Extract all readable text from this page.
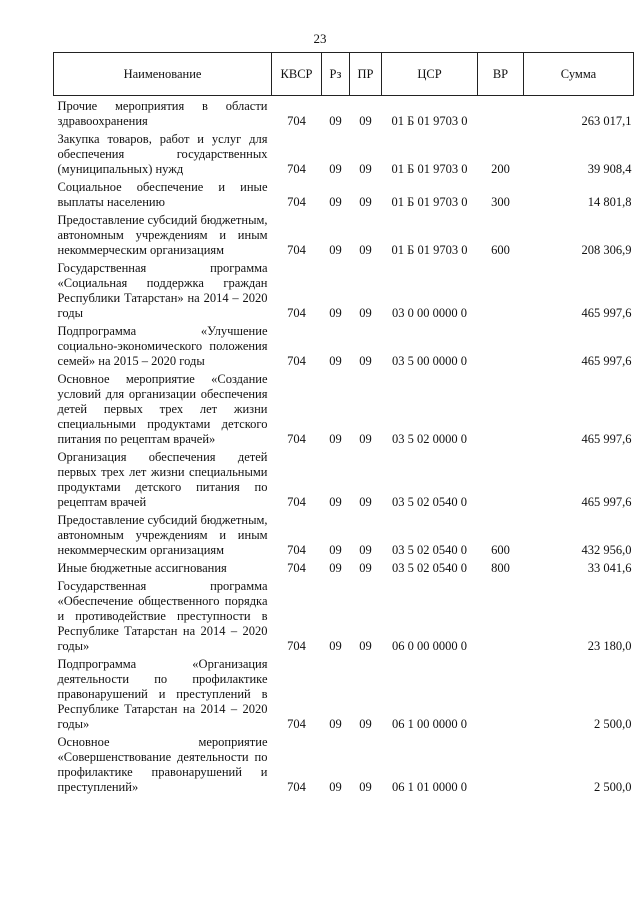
23
Наименование	КВСР	Рз	ПР	ЦСР	ВР	Сумма
Прочие мероприятия в области здравоохранения	704	09	09	01 Б 01 9703 0		263 017,1
Закупка товаров, работ и услуг для обеспечения государственных (муниципальных) нужд	704	09	09	01 Б 01 9703 0	200	39 908,4
Социальное обеспечение и иные выплаты населению	704	09	09	01 Б 01 9703 0	300	14 801,8
Предоставление субсидий бюджетным, автономным учреждениям и иным некоммерческим организациям	704	09	09	01 Б 01 9703 0	600	208 306,9
Государственная программа «Социальная поддержка граждан Республики Татарстан» на 2014 – 2020 годы	704	09	09	03 0 00 0000 0		465 997,6
Подпрограмма «Улучшение социально-экономического положения семей» на 2015 – 2020 годы	704	09	09	03 5 00 0000 0		465 997,6
Основное мероприятие «Создание условий для организации обеспечения детей первых трех лет жизни специальными продуктами детского питания по рецептам врачей»	704	09	09	03 5 02 0000 0		465 997,6
Организация обеспечения детей первых трех лет жизни специальными продуктами детского питания по рецептам врачей	704	09	09	03 5 02 0540 0		465 997,6
Предоставление субсидий бюджетным, автономным учреждениям и иным некоммерческим организациям	704	09	09	03 5 02 0540 0	600	432 956,0
Иные бюджетные ассигнования	704	09	09	03 5 02 0540 0	800	33 041,6
Государственная программа «Обеспечение общественного порядка и противодействие преступности в Республике Татарстан на 2014 – 2020 годы»	704	09	09	06 0 00 0000 0		23 180,0
Подпрограмма «Организация деятельности по профилактике правонарушений и преступлений в Республике Татарстан на 2014 – 2020 годы»	704	09	09	06 1 00 0000 0		2 500,0
Основное мероприятие «Совершенствование деятельности по профилактике правонарушений и преступлений»	704	09	09	06 1 01 0000 0		2 500,0
